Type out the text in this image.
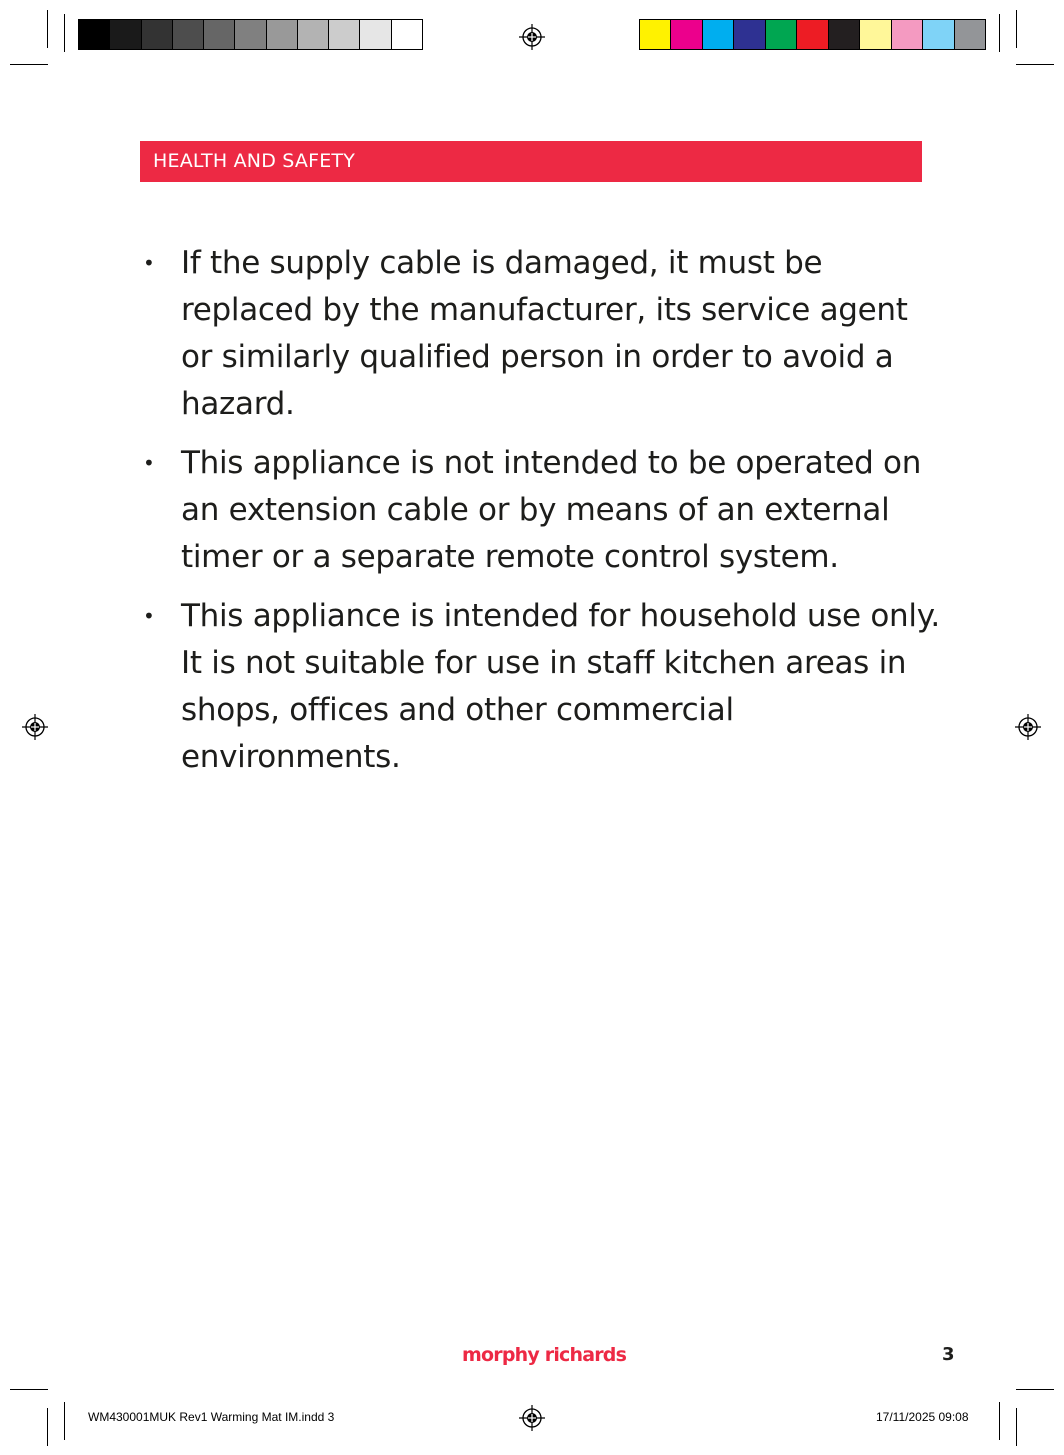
HEALTH AND SAFETY
• If the supply cable is damaged, it must be replaced by the manufacturer, its service agent or similarly qualified person in order to avoid a hazard.
• This appliance is not intended to be operated on an extension cable or by means of an external timer or a separate remote control system.
• This appliance is intended for household use only. It is not suitable for use in staff kitchen areas in shops, offices and other commercial environments.
morphy richards	3
WM430001MUK Rev1 Warming Mat IM.indd 3	17/11/2025 09:08
